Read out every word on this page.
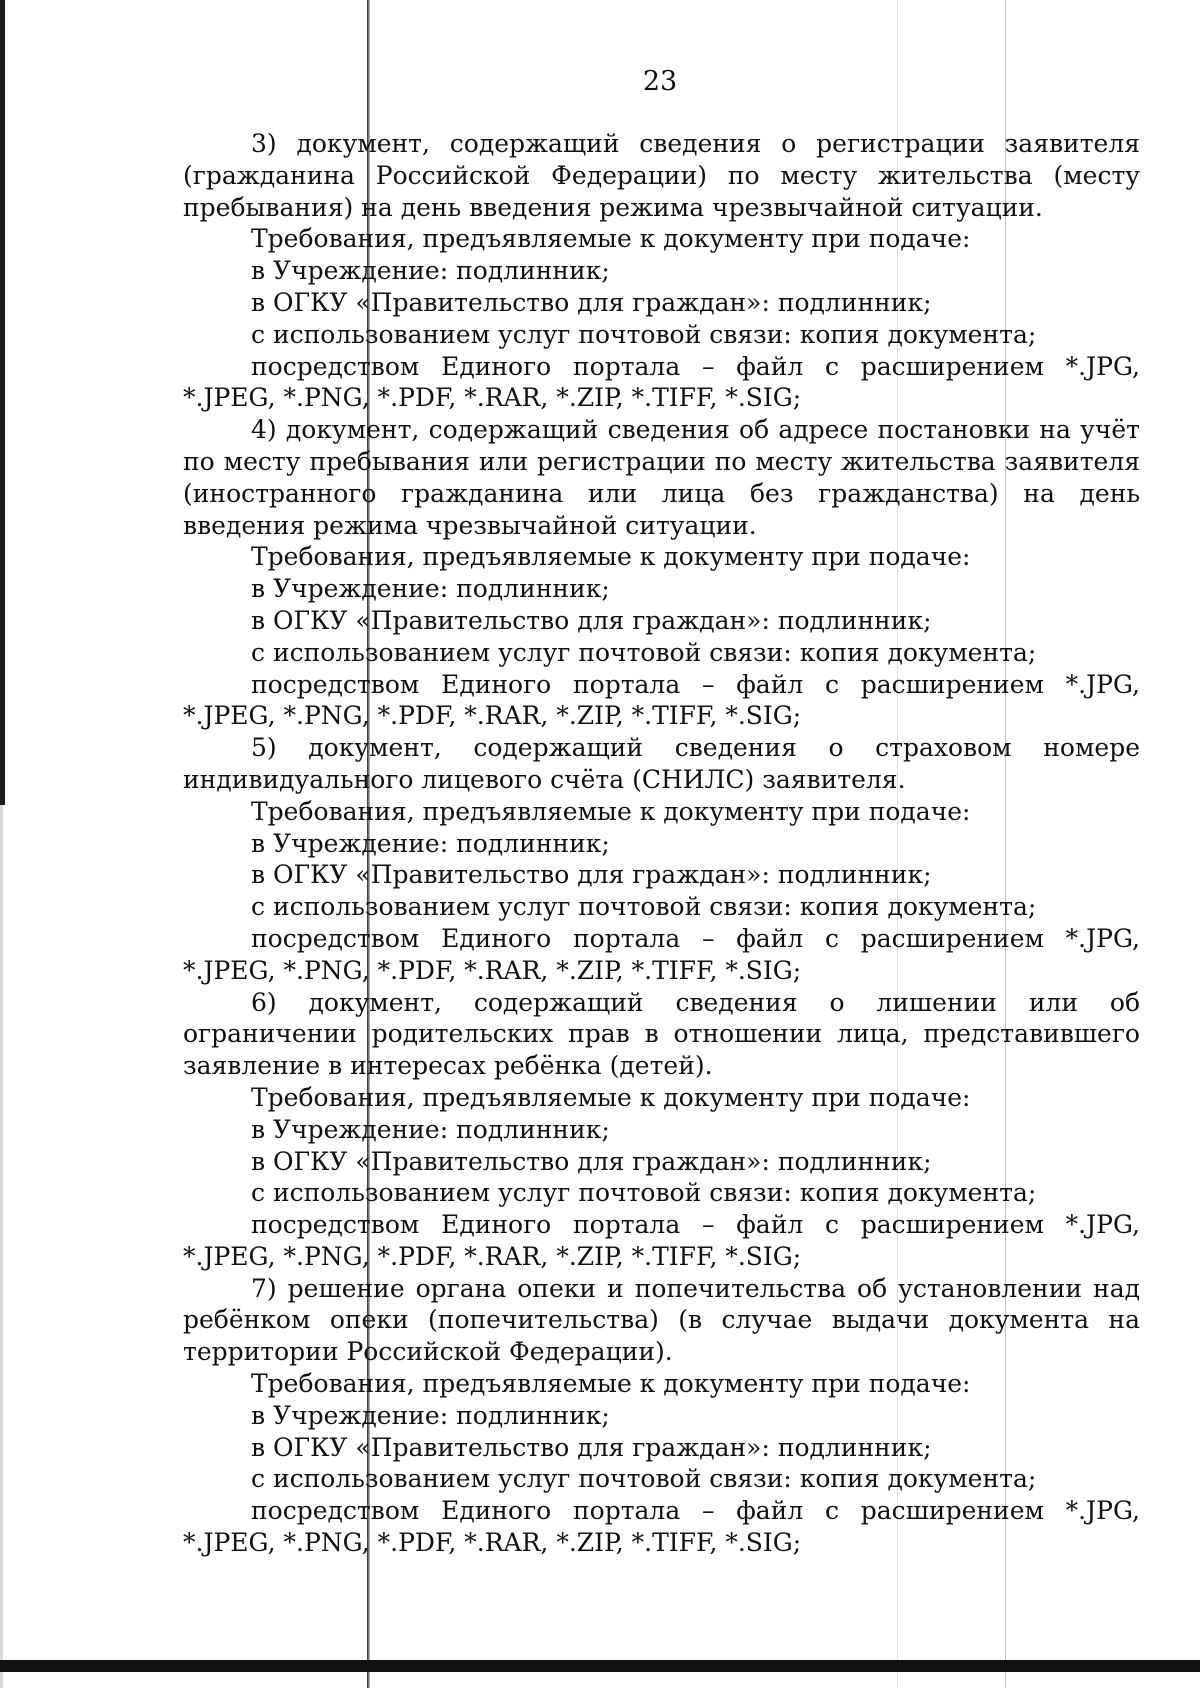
23

3) документ, содержащий сведения о регистрации заявителя (гражданина Российской Федерации) по месту жительства (месту пребывания) на день введения режима чрезвычайной ситуации.

Требования, предъявляемые к документу при подаче:

в Учреждение: подлинник;

в ОГКУ «Правительство для граждан»: подлинник;

с использованием услуг почтовой связи: копия документа;

посредством Единого портала – файл с расширением *.JPG, *.JPEG, *.PNG, *.PDF, *.RAR, *.ZIP, *.TIFF, *.SIG;

4) документ, содержащий сведения об адресе постановки на учёт по месту пребывания или регистрации по месту жительства заявителя (иностранного гражданина или лица без гражданства) на день введения режима чрезвычайной ситуации.

Требования, предъявляемые к документу при подаче:

в Учреждение: подлинник;

в ОГКУ «Правительство для граждан»: подлинник;

с использованием услуг почтовой связи: копия документа;

посредством Единого портала – файл с расширением *.JPG, *.JPEG, *.PNG, *.PDF, *.RAR, *.ZIP, *.TIFF, *.SIG;

5) документ, содержащий сведения о страховом номере индивидуального лицевого счёта (СНИЛС) заявителя.

Требования, предъявляемые к документу при подаче:

в Учреждение: подлинник;

в ОГКУ «Правительство для граждан»: подлинник;

с использованием услуг почтовой связи: копия документа;

посредством Единого портала – файл с расширением *.JPG, *.JPEG, *.PNG, *.PDF, *.RAR, *.ZIP, *.TIFF, *.SIG;

6) документ, содержащий сведения о лишении или об ограничении родительских прав в отношении лица, представившего заявление в интересах ребёнка (детей).

Требования, предъявляемые к документу при подаче:

в Учреждение: подлинник;

в ОГКУ «Правительство для граждан»: подлинник;

с использованием услуг почтовой связи: копия документа;

посредством Единого портала – файл с расширением *.JPG, *.JPEG, *.PNG, *.PDF, *.RAR, *.ZIP, *.TIFF, *.SIG;

7) решение органа опеки и попечительства об установлении над ребёнком опеки (попечительства) (в случае выдачи документа на территории Российской Федерации).

Требования, предъявляемые к документу при подаче:

в Учреждение: подлинник;

в ОГКУ «Правительство для граждан»: подлинник;

с использованием услуг почтовой связи: копия документа;

посредством Единого портала – файл с расширением *.JPG, *.JPEG, *.PNG, *.PDF, *.RAR, *.ZIP, *.TIFF, *.SIG;
